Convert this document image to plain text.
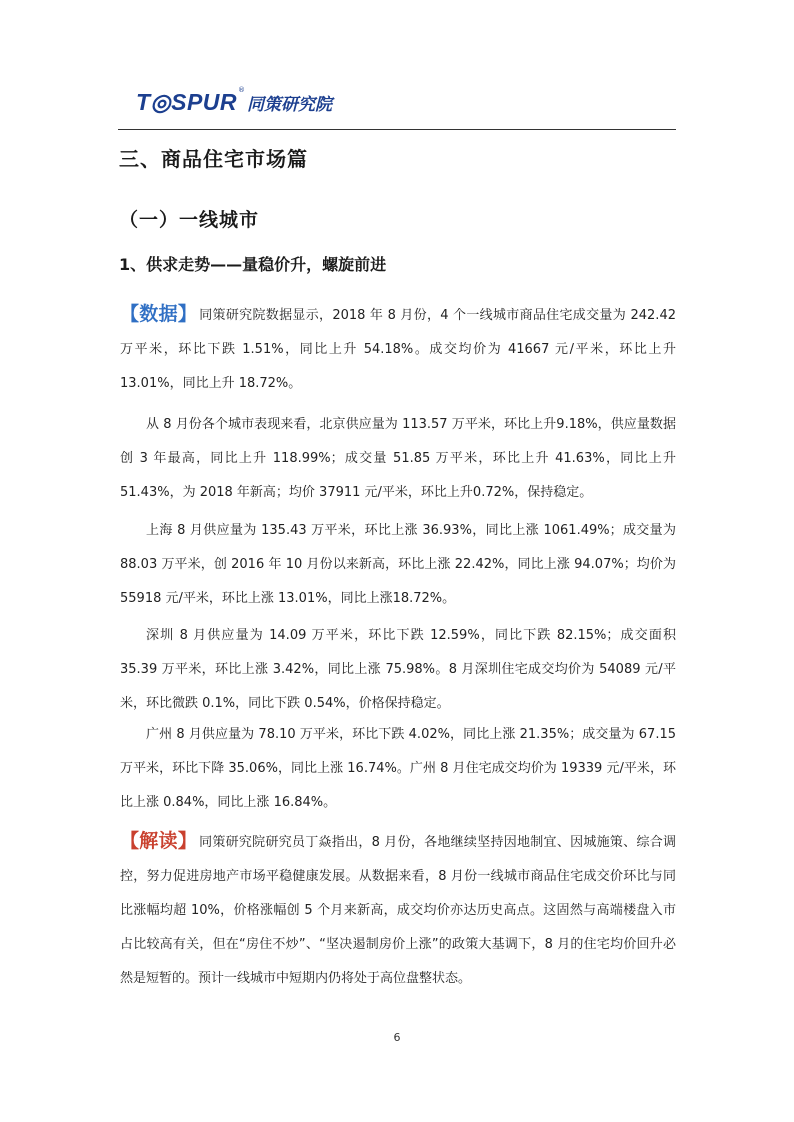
T◎SPUR ®
同策研究院
三、商品住宅市场篇
（一）一线城市
1、供求走势——量稳价升，螺旋前进
【数据】 同策研究院数据显示，2018 年 8 月份，4 个一线城市商品住宅成交量为 242.42 万平米，环比下跌 1.51%，同比上升 54.18%。成交均价为 41667 元/平米，环比上升 13.01%，同比上升 18.72%。
从 8 月份各个城市表现来看，北京供应量为 113.57 万平米，环比上升9.18%，供应量数据创 3 年最高，同比上升 118.99%；成交量 51.85 万平米，环比上升 41.63%，同比上升 51.43%，为 2018 年新高；均价 37911 元/平米，环比上升0.72%，保持稳定。
上海 8 月供应量为 135.43 万平米，环比上涨 36.93%，同比上涨 1061.49%；成交量为 88.03 万平米，创 2016 年 10 月份以来新高，环比上涨 22.42%，同比上涨 94.07%；均价为 55918 元/平米，环比上涨 13.01%，同比上涨18.72%。
深圳 8 月供应量为 14.09 万平米，环比下跌 12.59%，同比下跌 82.15%；成交面积 35.39 万平米，环比上涨 3.42%，同比上涨 75.98%。8 月深圳住宅成交均价为 54089 元/平米，环比微跌 0.1%，同比下跌 0.54%，价格保持稳定。
广州 8 月供应量为 78.10 万平米，环比下跌 4.02%，同比上涨 21.35%；成交量为 67.15 万平米，环比下降 35.06%，同比上涨 16.74%。广州 8 月住宅成交均价为 19339 元/平米，环比上涨 0.84%，同比上涨 16.84%。
【解读】 同策研究院研究员丁焱指出，8 月份，各地继续坚持因地制宜、因城施策、综合调控，努力促进房地产市场平稳健康发展。从数据来看，8 月份一线城市商品住宅成交价环比与同比涨幅均超 10%，价格涨幅创 5 个月来新高，成交均价亦达历史高点。这固然与高端楼盘入市占比较高有关，但在“房住不炒”、“坚决遏制房价上涨”的政策大基调下，8 月的住宅均价回升必然是短暂的。预计一线城市中短期内仍将处于高位盘整状态。
6
